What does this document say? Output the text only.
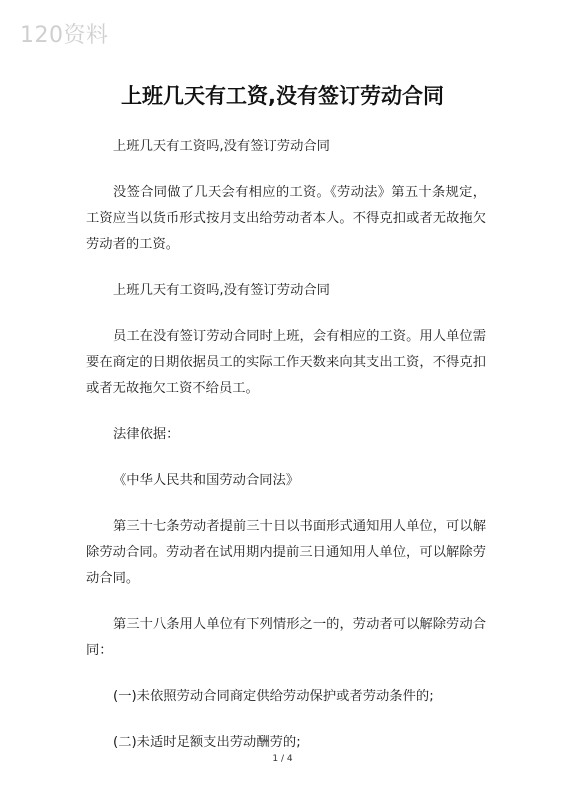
120资料
上班几天有工资,没有签订劳动合同

上班几天有工资吗,没有签订劳动合同

没签合同做了几天会有相应的工资。《劳动法》第五十条规定，工资应当以货币形式按月支出给劳动者本人。不得克扣或者无故拖欠劳动者的工资。

上班几天有工资吗,没有签订劳动合同

员工在没有签订劳动合同时上班，会有相应的工资。用人单位需要在商定的日期依据员工的实际工作天数来向其支出工资，不得克扣或者无故拖欠工资不给员工。

法律依据：

《中华人民共和国劳动合同法》

第三十七条劳动者提前三十日以书面形式通知用人单位，可以解除劳动合同。劳动者在试用期内提前三日通知用人单位，可以解除劳动合同。

第三十八条用人单位有下列情形之一的，劳动者可以解除劳动合同：

(一)未依照劳动合同商定供给劳动保护或者劳动条件的;

(二)未适时足额支出劳动酬劳的;

1 / 4
